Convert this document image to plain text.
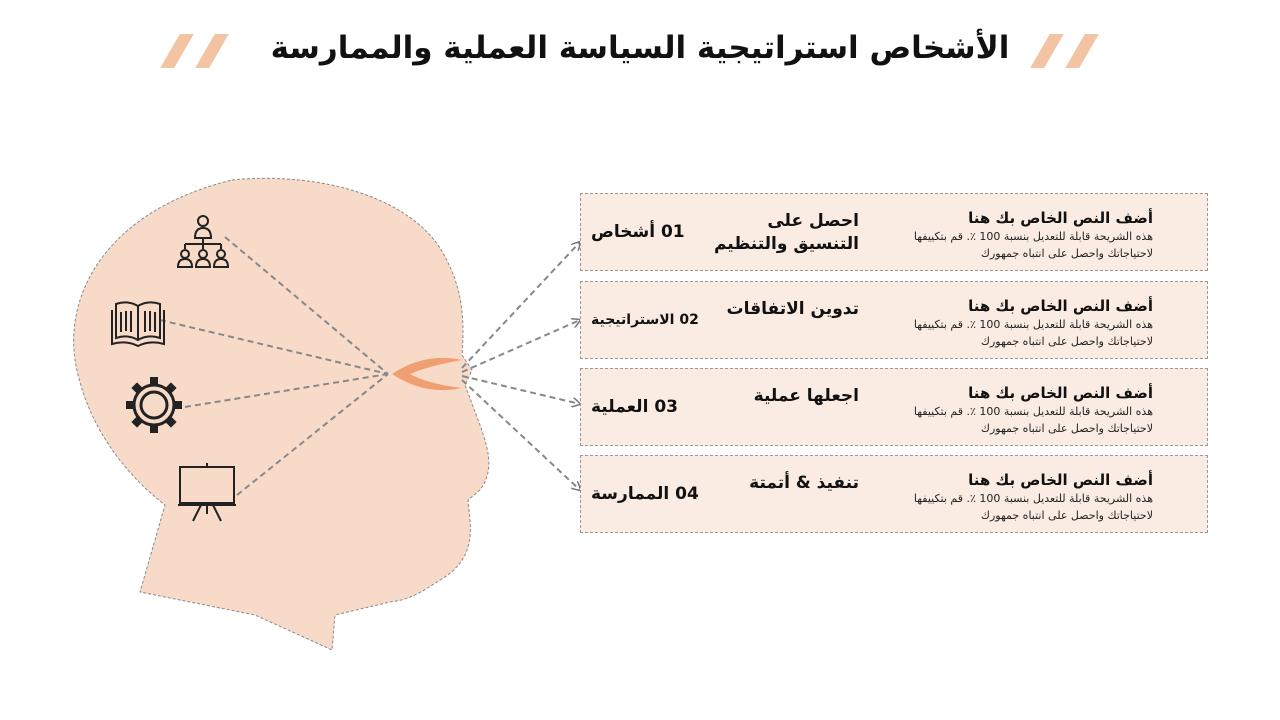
الأشخاص استراتيجية السياسة العملية والممارسة
01 أشخاص
احصل على التنسيق والتنظيم
أضف النص الخاص بك هنا
هذه الشريحة قابلة للتعديل بنسبة 100 ٪. قم بتكييفها
لاحتياجاتك واحصل على انتباه جمهورك
02 الاستراتيجية
تدوين الاتفاقات	أضف النص الخاص بك هنا
هذه الشريحة قابلة للتعديل بنسبة 100 ٪. قم بتكييفها
لاحتياجاتك واحصل على انتباه جمهورك
03 العملية
اجعلها عملية	أضف النص الخاص بك هنا
هذه الشريحة قابلة للتعديل بنسبة 100 ٪. قم بتكييفها
لاحتياجاتك واحصل على انتباه جمهورك
04 الممارسة
تنفيذ & أتمتة	أضف النص الخاص بك هنا
هذه الشريحة قابلة للتعديل بنسبة 100 ٪. قم بتكييفها
لاحتياجاتك واحصل على انتباه جمهورك
